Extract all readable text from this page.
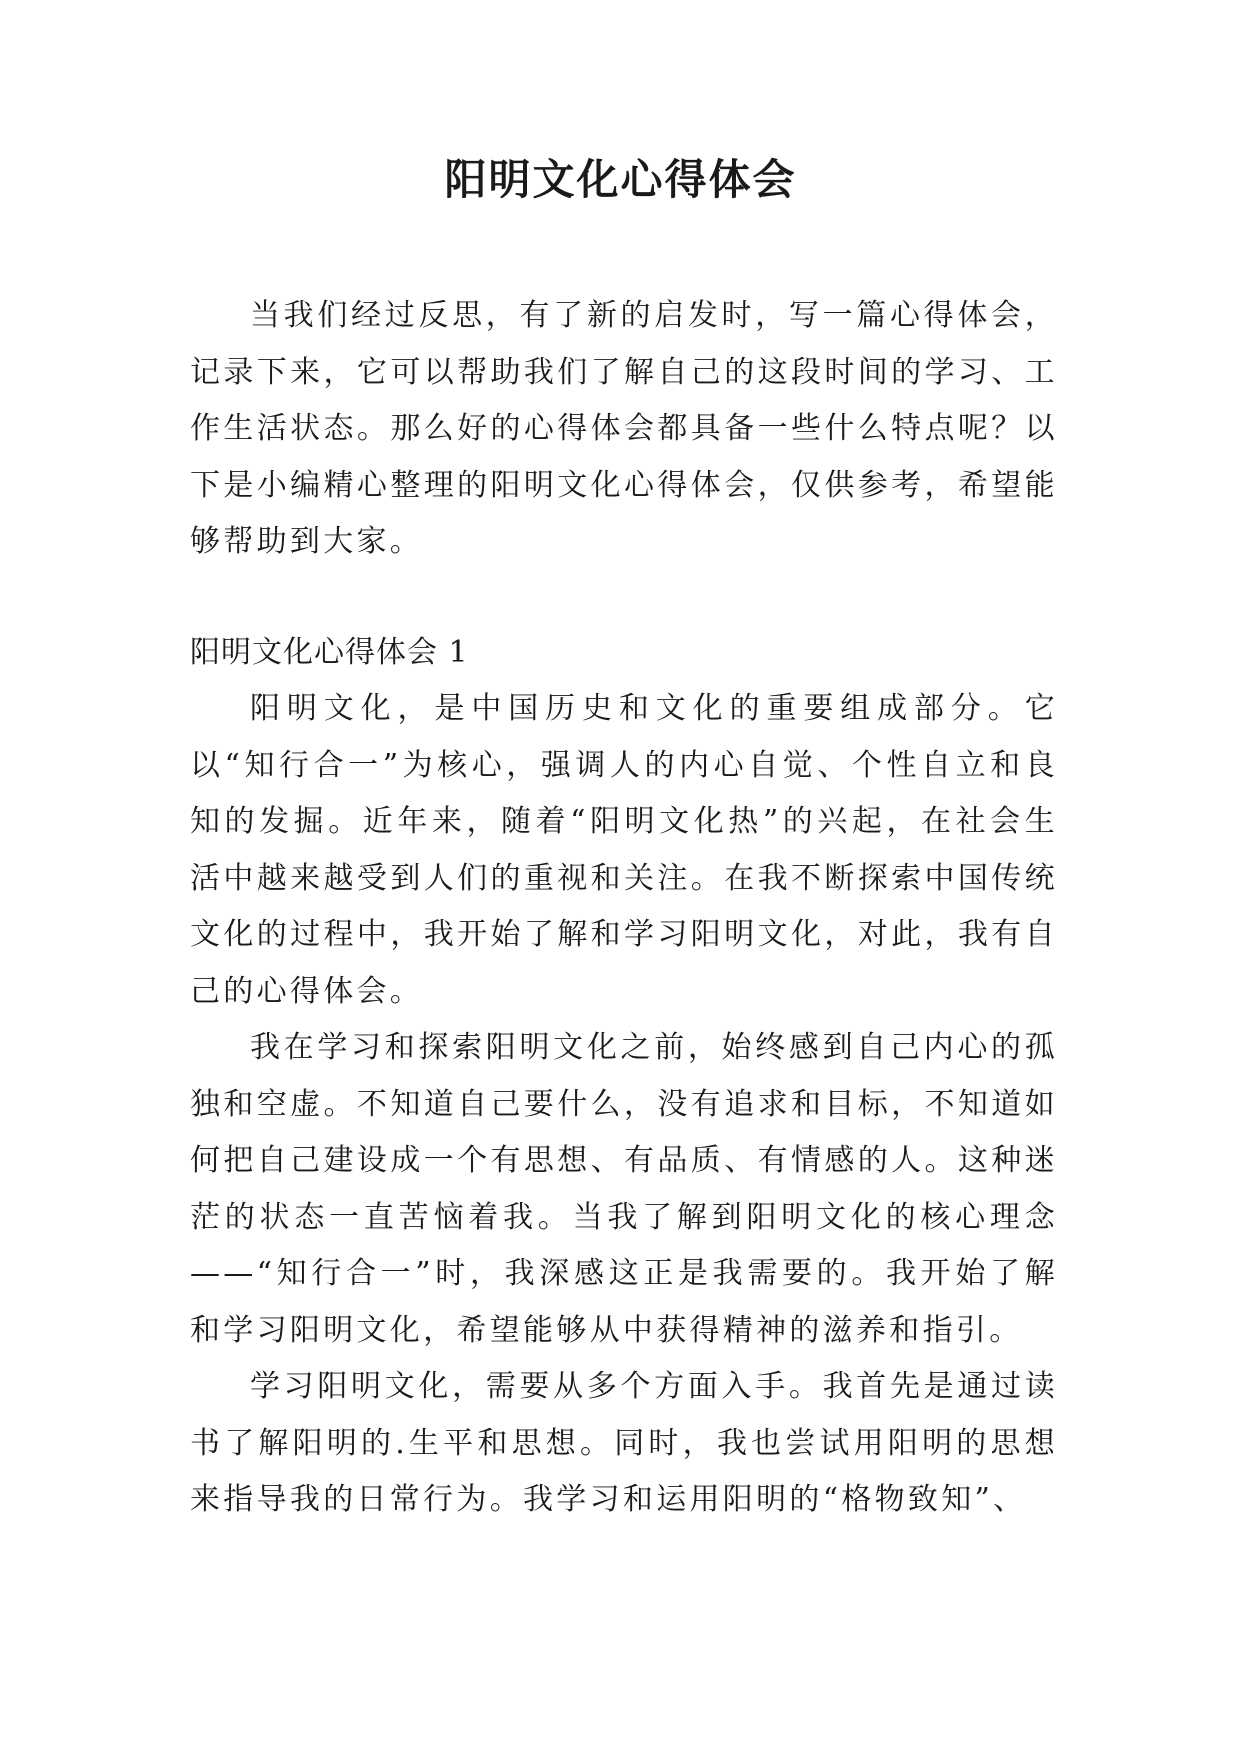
阳明文化心得体会

当我们经过反思，有了新的启发时，写一篇心得体会，记录下来，它可以帮助我们了解自己的这段时间的学习、工作生活状态。那么好的心得体会都具备一些什么特点呢？以下是小编精心整理的阳明文化心得体会，仅供参考，希望能够帮助到大家。

阳明文化心得体会 1

阳明文化，是中国历史和文化的重要组成部分。它以“知行合一”为核心，强调人的内心自觉、个性自立和良知的发掘。近年来，随着“阳明文化热”的兴起，在社会生活中越来越受到人们的重视和关注。在我不断探索中国传统文化的过程中，我开始了解和学习阳明文化，对此，我有自己的心得体会。

我在学习和探索阳明文化之前，始终感到自己内心的孤独和空虚。不知道自己要什么，没有追求和目标，不知道如何把自己建设成一个有思想、有品质、有情感的人。这种迷茫的状态一直苦恼着我。当我了解到阳明文化的核心理念——“知行合一”时，我深感这正是我需要的。我开始了解和学习阳明文化，希望能够从中获得精神的滋养和指引。

学习阳明文化，需要从多个方面入手。我首先是通过读书了解阳明的.生平和思想。同时，我也尝试用阳明的思想来指导我的日常行为。我学习和运用阳明的“格物致知”、
